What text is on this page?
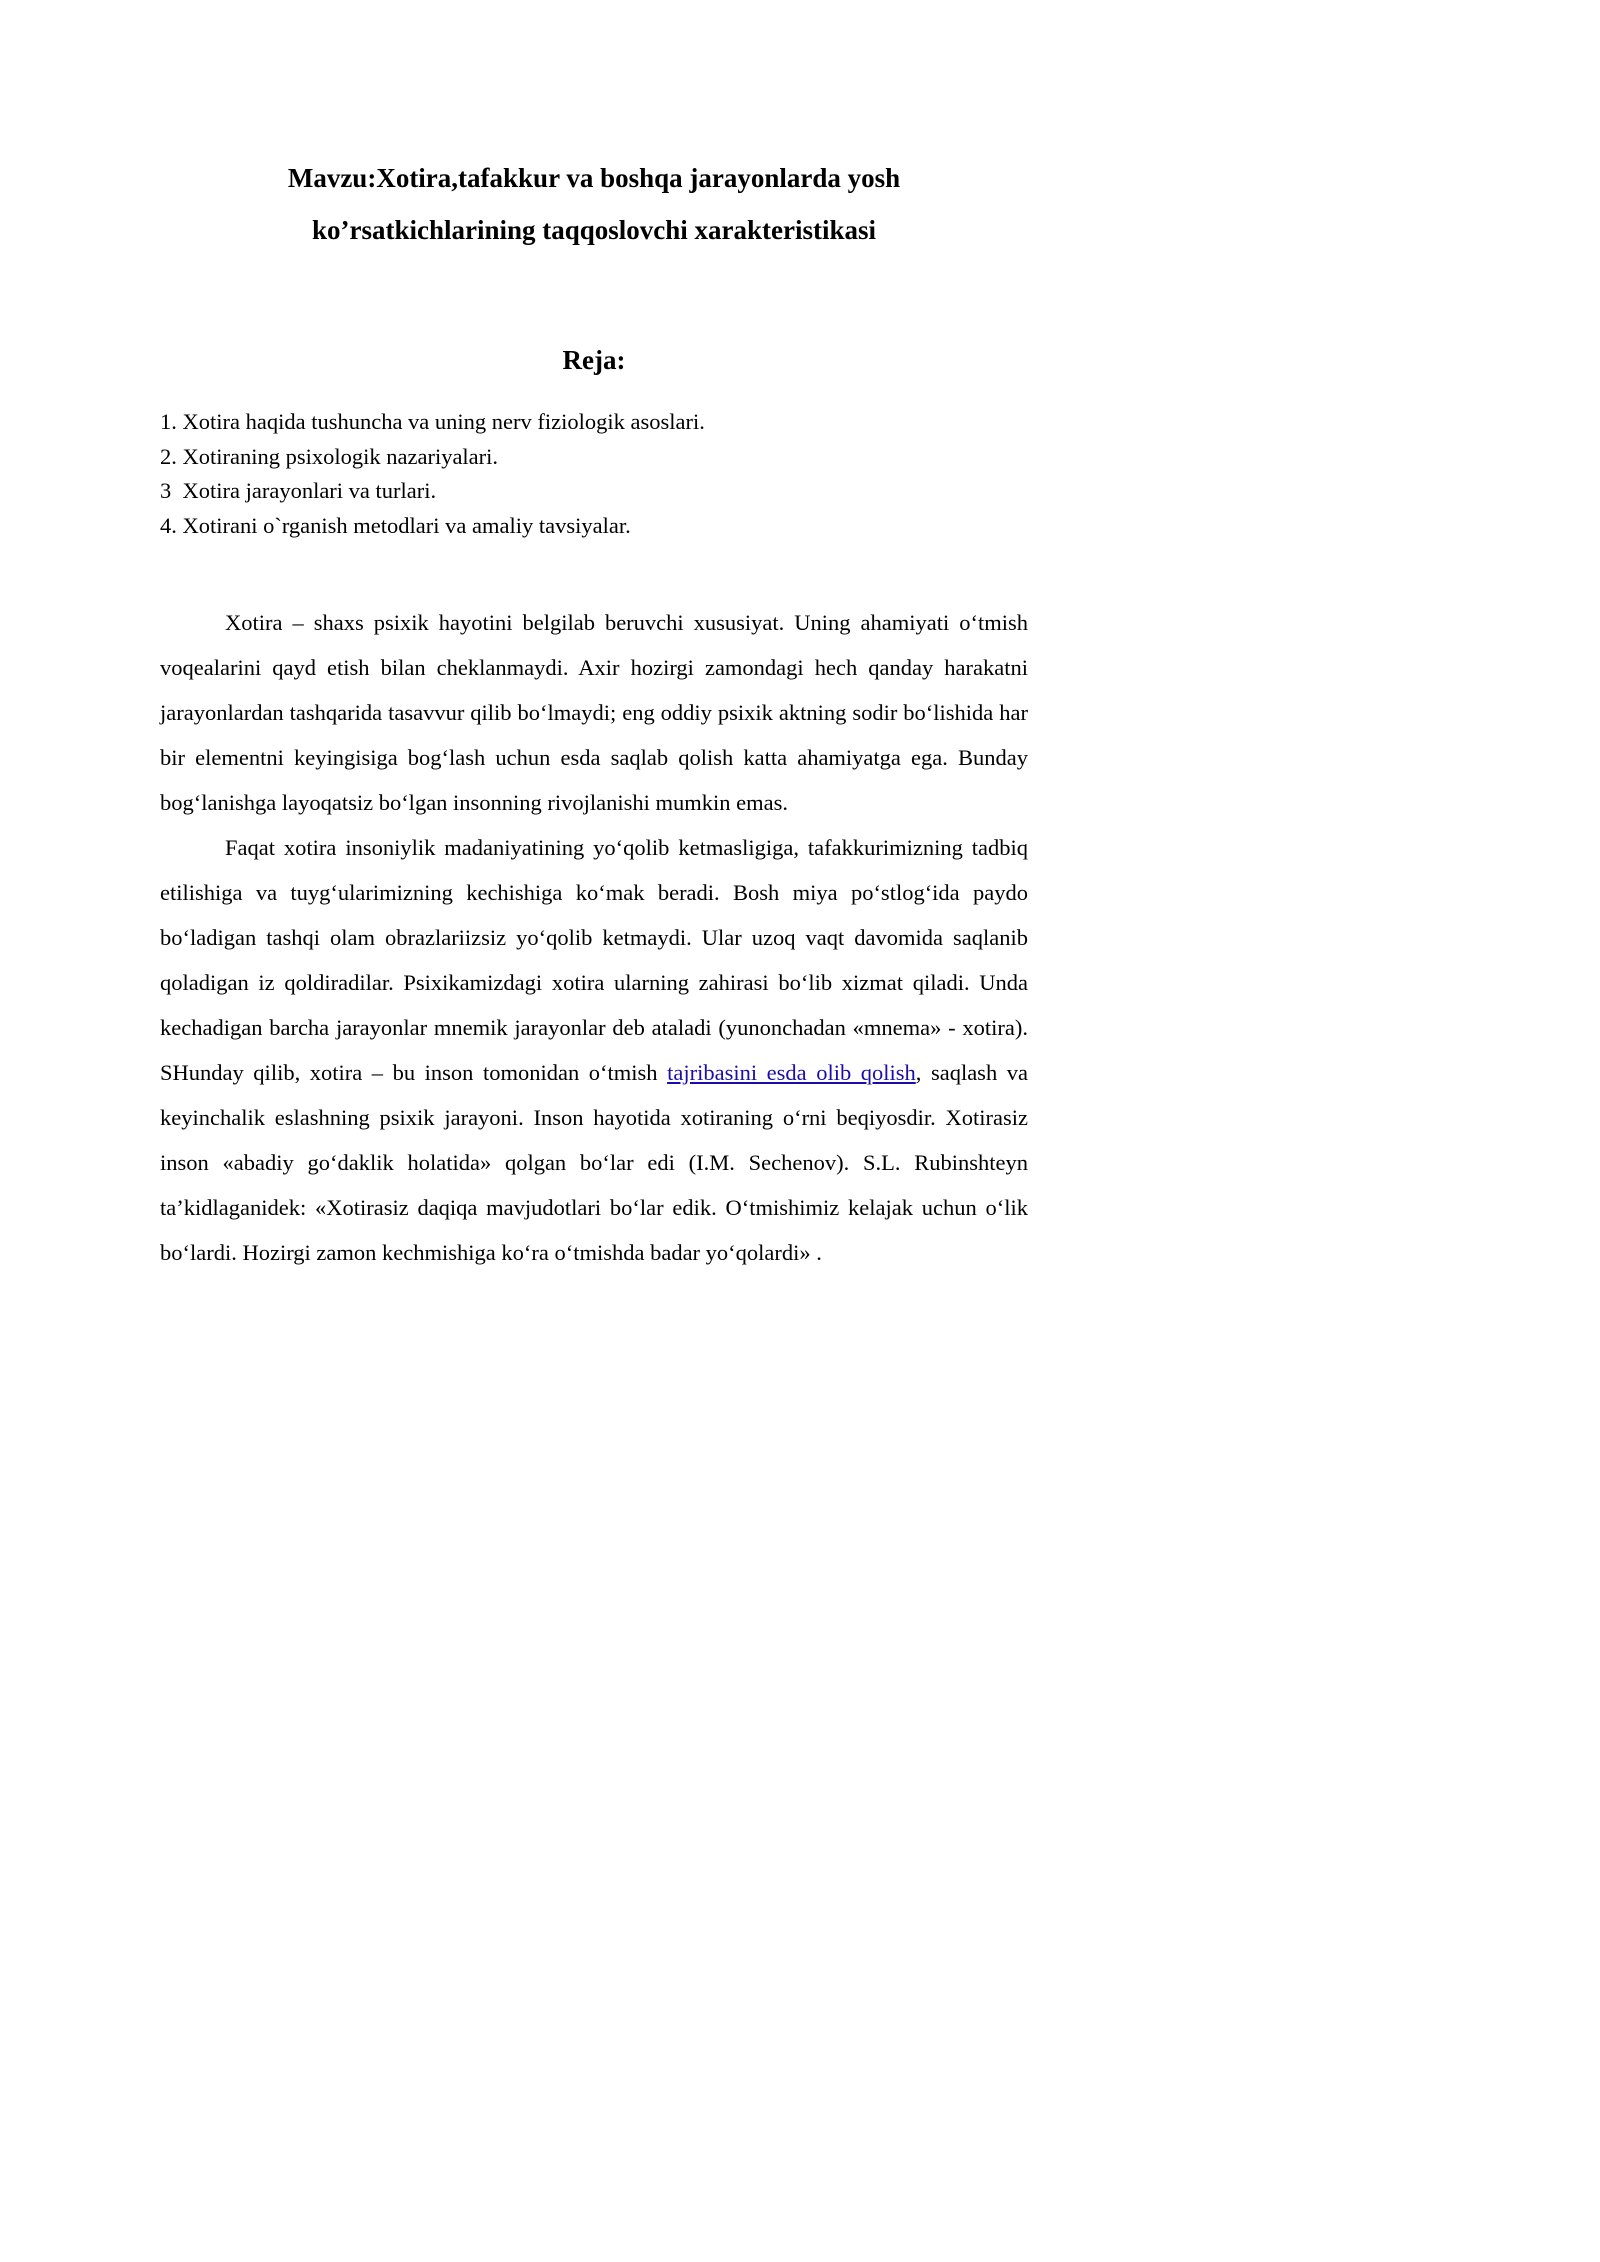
Mavzu:Xotira,tafakkur va boshqa jarayonlarda yosh
ko’rsatkichlarining taqqoslovchi xarakteristikasi
Reja:
1. Xotira haqida tushuncha va uning nerv fiziologik asoslari.
2. Xotiraning psixologik nazariyalari.
3  Xotira jarayonlari va turlari.
4. Xotirani o`rganish metodlari va amaliy tavsiyalar.

Xotira – shaxs psixik hayotini belgilab beruvchi xususiyat. Uning ahamiyati o‘tmish voqealarini qayd etish bilan cheklanmaydi. Axir hozirgi zamondagi hech qanday harakatni jarayonlardan tashqarida tasavvur qilib bo‘lmaydi; eng oddiy psixik aktning sodir bo‘lishida har bir elementni keyingisiga bog‘lash uchun esda saqlab qolish katta ahamiyatga ega. Bunday bog‘lanishga layoqatsiz bo‘lgan insonning rivojlanishi mumkin emas.

Faqat xotira insoniylik madaniyatining yo‘qolib ketmasligiga, tafakkurimizning tadbiq etilishiga va tuyg‘ularimizning kechishiga ko‘mak beradi. Bosh miya po‘stlog‘ida paydo bo‘ladigan tashqi olam obrazlariizsiz yo‘qolib ketmaydi. Ular uzoq vaqt davomida saqlanib qoladigan iz qoldiradilar. Psixikamizdagi xotira ularning zahirasi bo‘lib xizmat qiladi. Unda kechadigan barcha jarayonlar mnemik jarayonlar deb ataladi (yunonchadan «mnema» - xotira). SHunday qilib, xotira – bu inson tomonidan o‘tmish tajribasini esda olib qolish, saqlash va keyinchalik eslashning psixik jarayoni. Inson hayotida xotiraning o‘rni beqiyosdir. Xotirasiz inson «abadiy go‘daklik holatida» qolgan bo‘lar edi (I.M. Sechenov). S.L. Rubinshteyn ta’kidlaganidek: «Xotirasiz daqiqa mavjudotlari bo‘lar edik. O‘tmishimiz kelajak uchun o‘lik bo‘lardi. Hozirgi zamon kechmishiga ko‘ra o‘tmishda badar yo‘qolardi» .
